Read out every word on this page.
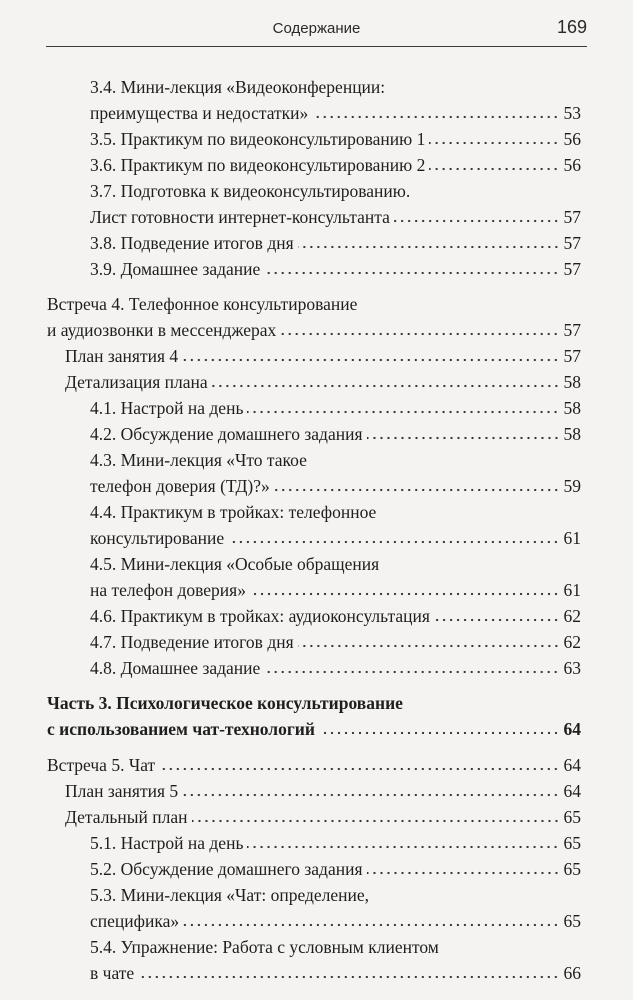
Содержание	169
3.4. Мини-лекция «Видеоконференции:
преимущества и недостатки»	53
3.5. Практикум по видеоконсультированию 1	56
3.6. Практикум по видеоконсультированию 2	56
3.7. Подготовка к видеоконсультированию.
Лист готовности интернет-консультанта	57
3.8. Подведение итогов дня	57
3.9. Домашнее задание	57
Встреча 4. Телефонное консультирование
и аудиозвонки в мессенджерах	57
План занятия 4	57
Детализация плана	58
4.1. Настрой на день	58
4.2. Обсуждение домашнего задания	58
4.3. Мини-лекция «Что такое
телефон доверия (ТД)?»	59
4.4. Практикум в тройках: телефонное
консультирование	61
4.5. Мини-лекция «Особые обращения
на телефон доверия»	61
4.6. Практикум в тройках: аудиоконсультация	62
4.7. Подведение итогов дня	62
4.8. Домашнее задание	63
Часть 3. Психологическое консультирование
с использованием чат-технологий	64
Встреча 5. Чат	64
План занятия 5	64
Детальный план	65
5.1. Настрой на день	65
5.2. Обсуждение домашнего задания	65
5.3. Мини-лекция «Чат: определение,
специфика»	65
5.4. Упражнение: Работа с условным клиентом
в чате	66
